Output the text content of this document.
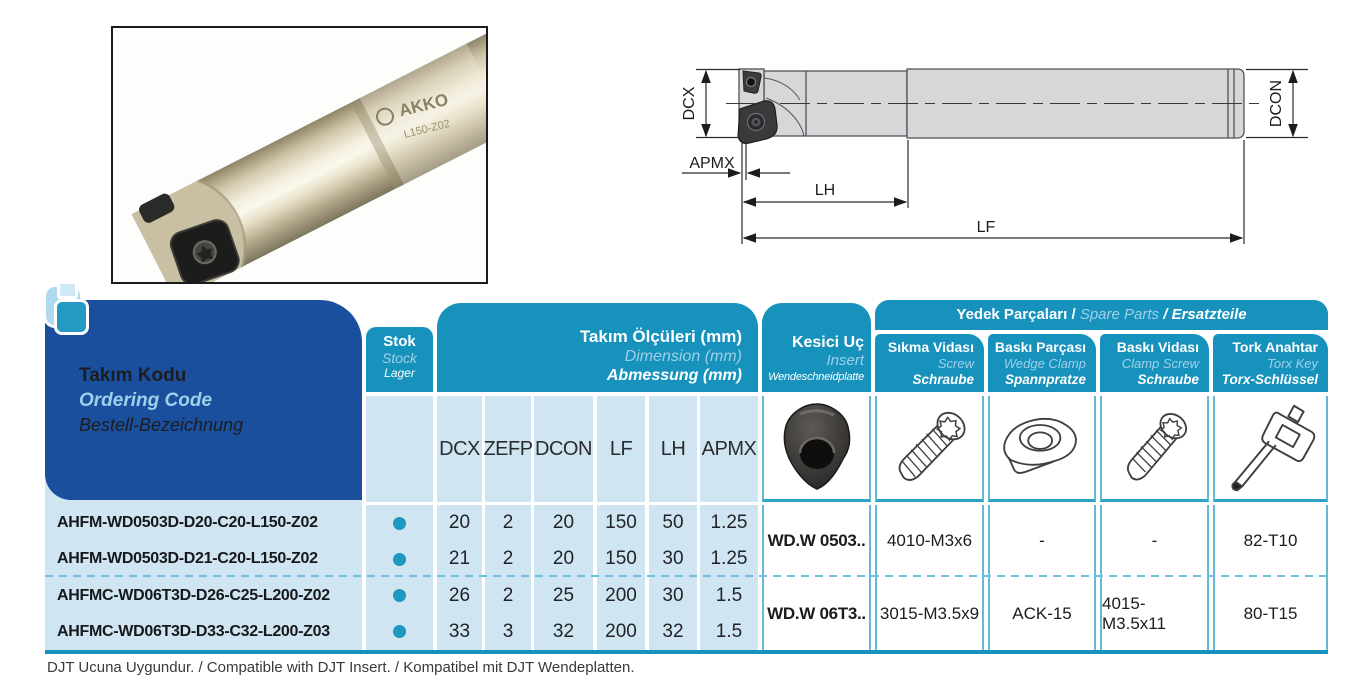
AKKO
L150-Z02
DCX
APMX
LH
LF
DCON
Takım Kodu
Ordering Code
Bestell-Bezeichnung
Stok
Stock
Lager
Takım Ölçüleri (mm)
Dimension (mm)
Abmessung (mm)
Kesici Uç
Insert
Wendeschneidplatte
Yedek Parçaları / Spare Parts / Ersatzteile
Sıkma Vidası
Screw
Schraube
Baskı Parçası
Wedge Clamp
Spannpratze
Baskı Vidası
Clamp Screw
Schraube
Tork Anahtar
Torx Key
Torx-Schlüssel
DCX ZEFP DCON LF	LH APMX
AHFM-WD0503D-D20-C20-L150-Z02
AHFM-WD0503D-D21-C20-L150-Z02
AHFMC-WD06T3D-D26-C25-L200-Z02
AHFMC-WD06T3D-D33-C32-L200-Z03
20
21
26
33
2
2
2
3
20
20
25
32
150
150
200
200
50
30
30
32
1.25
1.25
1.5
1.5
WD.W 0503..
WD.W 06T3..
4010-M3x6
3015-M3.5x9
-
ACK-15
-
4015-M3.5x11
82-T10
80-T15
DJT Ucuna Uygundur. / Compatible with DJT Insert. / Kompatibel mit DJT Wendeplatten.
